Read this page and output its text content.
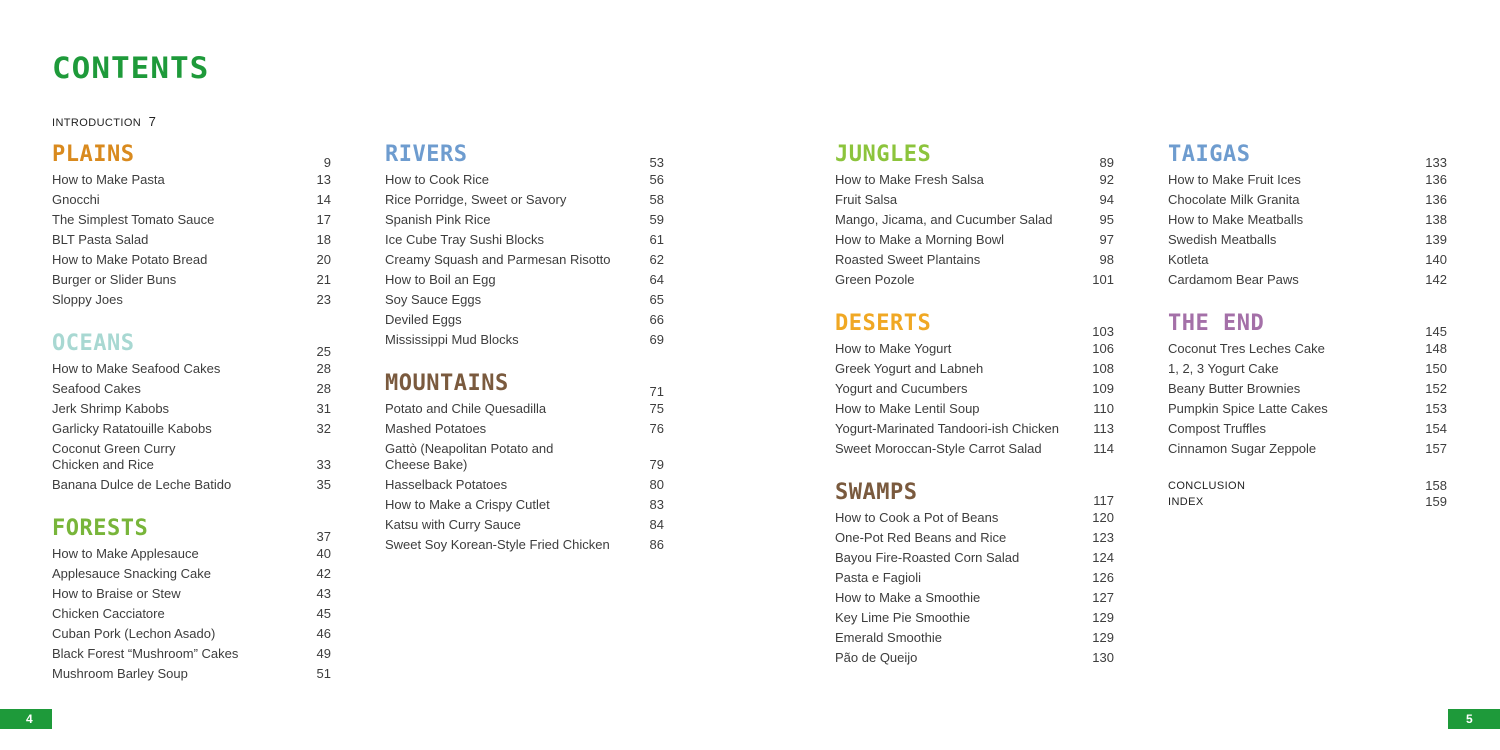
CONTENTS
INTRODUCTION 7
PLAINS	9
How to Make Pasta	13
Gnocchi	14
The Simplest Tomato Sauce	17
BLT Pasta Salad	18
How to Make Potato Bread	20
Burger or Slider Buns	21
Sloppy Joes	23
OCEANS	25
How to Make Seafood Cakes	28
Seafood Cakes	28
Jerk Shrimp Kabobs	31
Garlicky Ratatouille Kabobs	32
Coconut Green Curry
Chicken and Rice	33
Banana Dulce de Leche Batido	35
FORESTS	37
How to Make Applesauce	40
Applesauce Snacking Cake	42
How to Braise or Stew	43
Chicken Cacciatore	45
Cuban Pork (Lechon Asado)	46
Black Forest “Mushroom” Cakes	49
Mushroom Barley Soup	51
RIVERS	53
How to Cook Rice	56
Rice Porridge, Sweet or Savory	58
Spanish Pink Rice	59
Ice Cube Tray Sushi Blocks	61
Creamy Squash and Parmesan Risotto	62
How to Boil an Egg	64
Soy Sauce Eggs	65
Deviled Eggs	66
Mississippi Mud Blocks	69
MOUNTAINS	71
Potato and Chile Quesadilla	75
Mashed Potatoes	76
Gattò (Neapolitan Potato and
Cheese Bake)	79
Hasselback Potatoes	80
How to Make a Crispy Cutlet	83
Katsu with Curry Sauce	84
Sweet Soy Korean-Style Fried Chicken	86
JUNGLES	89
How to Make Fresh Salsa	92
Fruit Salsa	94
Mango, Jicama, and Cucumber Salad	95
How to Make a Morning Bowl	97
Roasted Sweet Plantains	98
Green Pozole	101
DESERTS	103
How to Make Yogurt	106
Greek Yogurt and Labneh	108
Yogurt and Cucumbers	109
How to Make Lentil Soup	110
Yogurt-Marinated Tandoori-ish Chicken	113
Sweet Moroccan-Style Carrot Salad	114
SWAMPS	117
How to Cook a Pot of Beans	120
One-Pot Red Beans and Rice	123
Bayou Fire-Roasted Corn Salad	124
Pasta e Fagioli	126
How to Make a Smoothie	127
Key Lime Pie Smoothie	129
Emerald Smoothie	129
Pão de Queijo	130
TAIGAS	133
How to Make Fruit Ices	136
Chocolate Milk Granita	136
How to Make Meatballs	138
Swedish Meatballs	139
Kotleta	140
Cardamom Bear Paws	142
THE END	145
Coconut Tres Leches Cake	148
1, 2, 3 Yogurt Cake	150
Beany Butter Brownies	152
Pumpkin Spice Latte Cakes	153
Compost Truffles	154
Cinnamon Sugar Zeppole	157
CONCLUSION	158
INDEX	159
4	5
